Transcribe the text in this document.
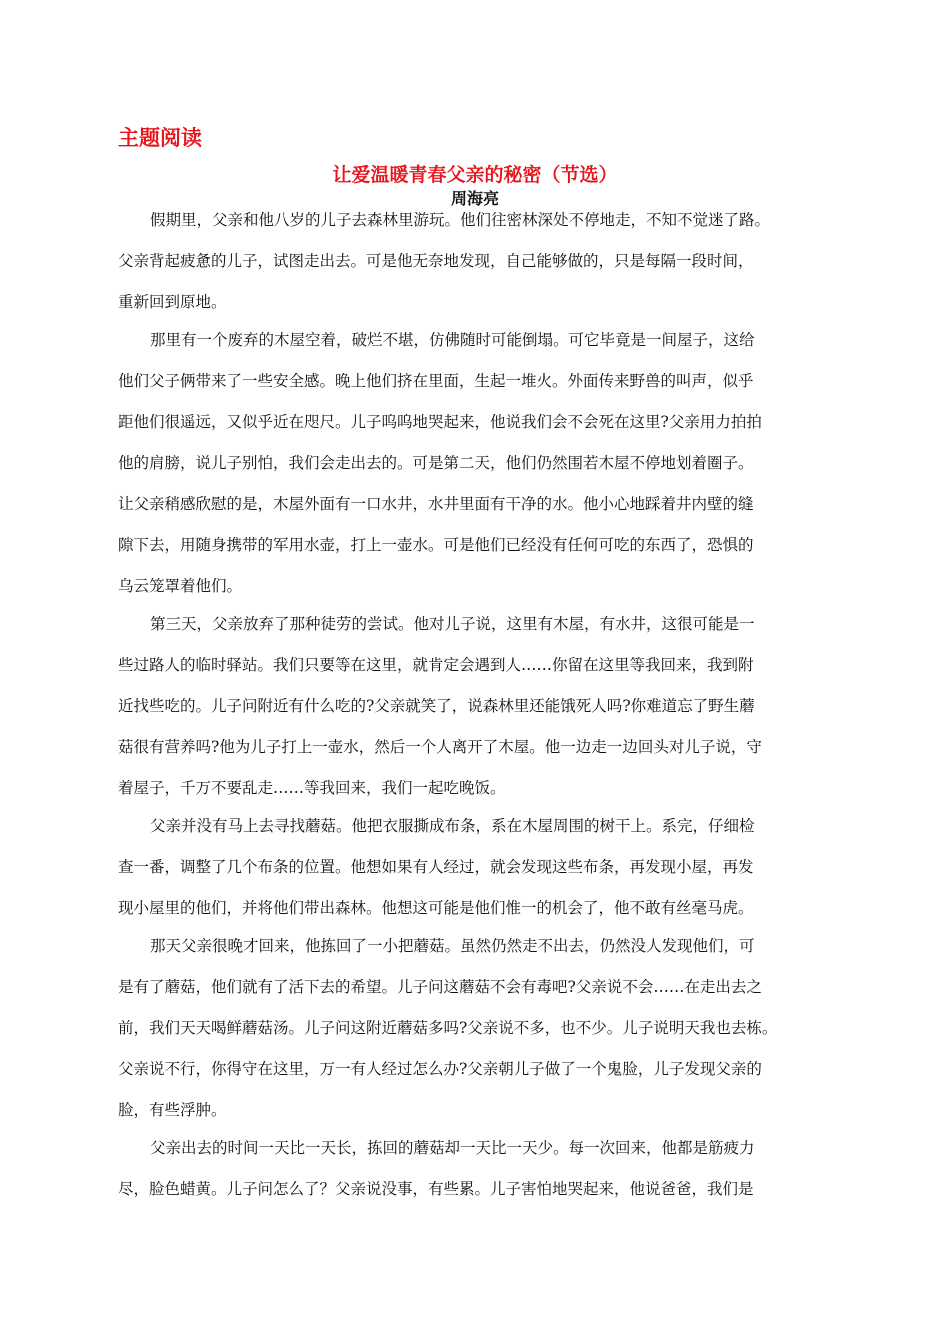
主题阅读
让爱温暖青春父亲的秘密（节选）
周海亮
假期里，父亲和他八岁的儿子去森林里游玩。他们往密林深处不停地走，不知不觉迷了路。
父亲背起疲惫的儿子，试图走出去。可是他无奈地发现，自己能够做的，只是每隔一段时间，
重新回到原地。
那里有一个废弃的木屋空着，破烂不堪，仿佛随时可能倒塌。可它毕竟是一间屋子，这给
他们父子俩带来了一些安全感。晚上他们挤在里面，生起一堆火。外面传来野兽的叫声，似乎
距他们很遥远，又似乎近在咫尺。儿子呜呜地哭起来，他说我们会不会死在这里?父亲用力拍拍
他的肩膀，说儿子别怕，我们会走出去的。可是第二天，他们仍然围若木屋不停地划着圈子。
让父亲稍感欣慰的是，木屋外面有一口水井，水井里面有干净的水。他小心地踩着井内壁的缝
隙下去，用随身携带的军用水壶，打上一壶水。可是他们已经没有任何可吃的东西了，恐惧的
乌云笼罩着他们。
第三天，父亲放弃了那种徒劳的尝试。他对儿子说，这里有木屋，有水井，这很可能是一
些过路人的临时驿站。我们只要等在这里，就肯定会遇到人……你留在这里等我回来，我到附
近找些吃的。儿子问附近有什么吃的?父亲就笑了，说森林里还能饿死人吗?你难道忘了野生蘑
菇很有营养吗?他为儿子打上一壶水，然后一个人离开了木屋。他一边走一边回头对儿子说，守
着屋子，千万不要乱走……等我回来，我们一起吃晚饭。
父亲并没有马上去寻找蘑菇。他把衣服撕成布条，系在木屋周围的树干上。系完，仔细检
查一番，调整了几个布条的位置。他想如果有人经过，就会发现这些布条，再发现小屋，再发
现小屋里的他们，并将他们带出森林。他想这可能是他们惟一的机会了，他不敢有丝毫马虎。
那天父亲很晚才回来，他拣回了一小把蘑菇。虽然仍然走不出去，仍然没人发现他们，可
是有了蘑菇，他们就有了活下去的希望。儿子问这蘑菇不会有毒吧?父亲说不会……在走出去之
前，我们天天喝鲜蘑菇汤。儿子问这附近蘑菇多吗?父亲说不多，也不少。儿子说明天我也去栋。
父亲说不行，你得守在这里，万一有人经过怎么办?父亲朝儿子做了一个鬼脸，儿子发现父亲的
脸，有些浮肿。
父亲出去的时间一天比一天长，拣回的蘑菇却一天比一天少。每一次回来，他都是筋疲力
尽，脸色蜡黄。儿子问怎么了？父亲说没事，有些累。儿子害怕地哭起来，他说爸爸，我们是
